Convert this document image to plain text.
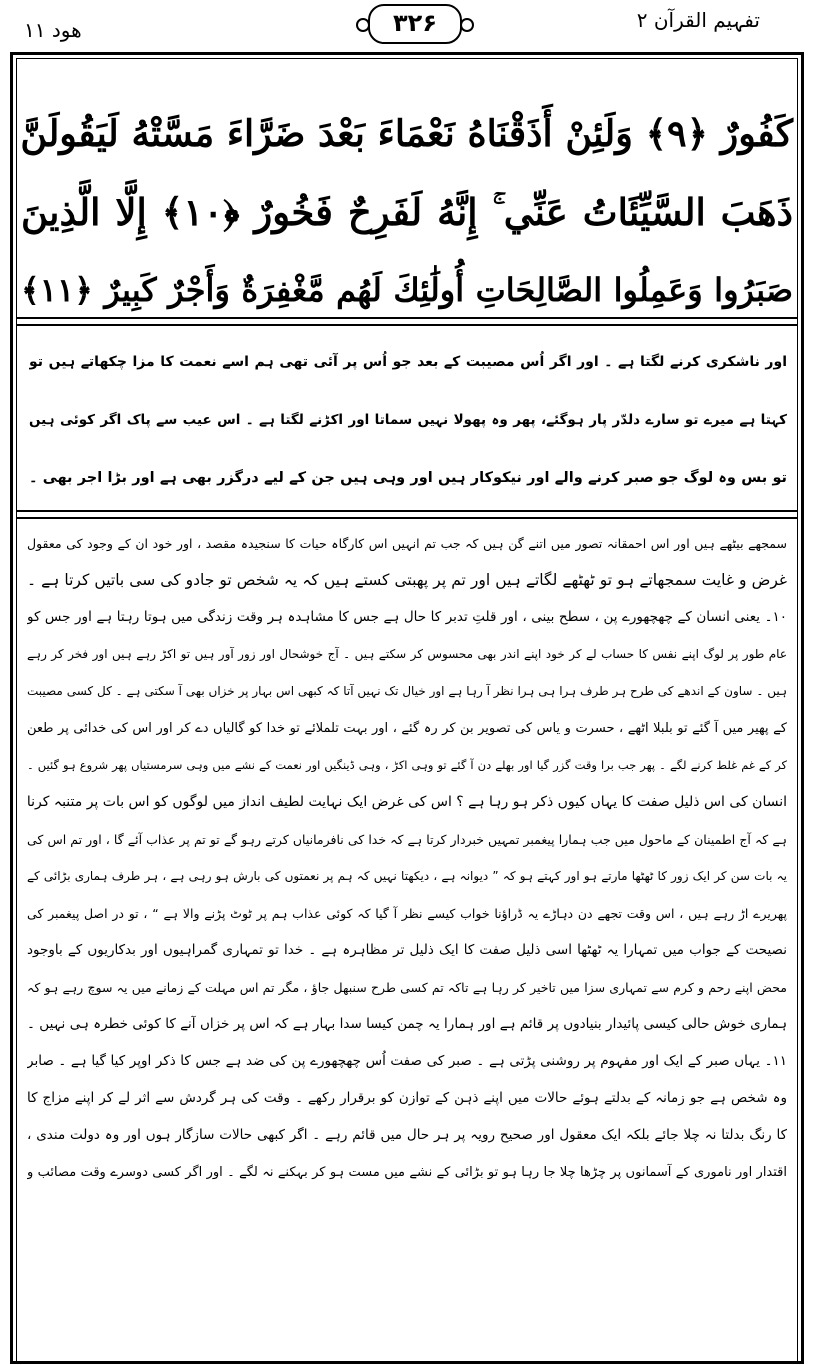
تفہیم القرآن ۲
۳۲۶
ھود ۱۱

كَفُورٌ ﴿٩﴾ وَلَئِنْ أَذَقْنَاهُ نَعْمَاءَ بَعْدَ ضَرَّاءَ مَسَّتْهُ لَيَقُولَنَّ

ذَهَبَ السَّيِّئَاتُ عَنِّي ۚ إِنَّهُ لَفَرِحٌ فَخُورٌ ﴿١٠﴾ إِلَّا الَّذِينَ

صَبَرُوا وَعَمِلُوا الصَّالِحَاتِ أُولَٰئِكَ لَهُم مَّغْفِرَةٌ وَأَجْرٌ كَبِيرٌ ﴿١١﴾

اور ناشکری کرنے لگتا ہے ۔ اور اگر اُس مصیبت کے بعد جو اُس پر آئی تھی ہم اسے نعمت کا مزا چکھاتے ہیں تو

کہتا ہے میرے تو سارے دلدّر پار ہوگئے، پھر وہ پھولا نہیں سماتا اور اکڑنے لگتا ہے ۔ اس عیب سے پاک اگر کوئی ہیں

تو بس وہ لوگ جو صبر کرنے والے اور نیکوکار ہیں اور وہی ہیں جن کے لیے درگزر بھی ہے اور بڑا اجر بھی ۔

سمجھے بیٹھے ہیں اور اس احمقانہ تصور میں اتنے گن ہیں کہ جب تم انہیں اس کارگاہ حیات کا سنجیدہ مقصد ، اور خود ان کے وجود کی معقول

غرض و غایت سمجھاتے ہو تو ٹھٹھے لگاتے ہیں اور تم پر پھبتی کستے ہیں کہ یہ شخص تو جادو کی سی باتیں کرتا ہے ۔

۱۰۔ یعنی انسان کے چھچھورے پن ، سطح بینی ، اور قلتِ تدبر کا حال ہے جس کا مشاہدہ ہر وقت زندگی میں ہوتا رہتا ہے اور جس کو

عام طور پر لوگ اپنے نفس کا حساب لے کر خود اپنے اندر بھی محسوس کر سکتے ہیں ۔ آج خوشحال اور زور آور ہیں تو اکڑ رہے ہیں اور فخر کر رہے

ہیں ۔ ساون کے اندھے کی طرح ہر طرف ہرا ہی ہرا نظر آ رہا ہے اور خیال تک نہیں آتا کہ کبھی اس بہار پر خزاں بھی آ سکتی ہے ۔ کل کسی مصیبت

کے پھیر میں آ گئے تو بلبلا اٹھے ، حسرت و یاس کی تصویر بن کر رہ گئے ، اور بہت تلملائے تو خدا کو گالیاں دے کر اور اس کی خدائی پر طعن

کر کے غم غلط کرنے لگے ۔ پھر جب برا وقت گزر گیا اور بھلے دن آ گئے تو وہی اکڑ ، وہی ڈینگیں اور نعمت کے نشے میں وہی سرمستیاں پھر شروع ہو گئیں ۔

انسان کی اس ذلیل صفت کا یہاں کیوں ذکر ہو رہا ہے ؟ اس کی غرض ایک نہایت لطیف انداز میں لوگوں کو اس بات پر متنبہ کرنا

ہے کہ آج اطمینان کے ماحول میں جب ہمارا پیغمبر تمہیں خبردار کرتا ہے کہ خدا کی نافرمانیاں کرتے رہو گے تو تم پر عذاب آئے گا ، اور تم اس کی

یہ بات سن کر ایک زور کا ٹھٹھا مارتے ہو اور کہتے ہو کہ ” دیوانہ ہے ، دیکھتا نہیں کہ ہم پر نعمتوں کی بارش ہو رہی ہے ، ہر طرف ہماری بڑائی کے

پھریرے اڑ رہے ہیں ، اس وقت تجھے دن دہاڑے یہ ڈراؤنا خواب کیسے نظر آ گیا کہ کوئی عذاب ہم پر ٹوٹ پڑنے والا ہے “ ، تو در اصل پیغمبر کی

نصیحت کے جواب میں تمہارا یہ ٹھٹھا اسی ذلیل صفت کا ایک ذلیل تر مظاہرہ ہے ۔ خدا تو تمہاری گمراہیوں اور بدکاریوں کے باوجود

محض اپنے رحم و کرم سے تمہاری سزا میں تاخیر کر رہا ہے تاکہ تم کسی طرح سنبھل جاؤ ، مگر تم اس مہلت کے زمانے میں یہ سوچ رہے ہو کہ

ہماری خوش حالی کیسی پائیدار بنیادوں پر قائم ہے اور ہمارا یہ چمن کیسا سدا بہار ہے کہ اس پر خزاں آنے کا کوئی خطرہ ہی نہیں ۔

۱۱۔ یہاں صبر کے ایک اور مفہوم پر روشنی پڑتی ہے ۔ صبر کی صفت اُس چھچھورے پن کی ضد ہے جس کا ذکر اوپر کیا گیا ہے ۔ صابر

وہ شخص ہے جو زمانہ کے بدلتے ہوئے حالات میں اپنے ذہن کے توازن کو برقرار رکھے ۔ وقت کی ہر گردش سے اثر لے کر اپنے مزاج کا

کا رنگ بدلتا نہ چلا جائے بلکہ ایک معقول اور صحیح رویہ پر ہر حال میں قائم رہے ۔ اگر کبھی حالات سازگار ہوں اور وہ دولت مندی ،

اقتدار اور ناموری کے آسمانوں پر چڑھا چلا جا رہا ہو تو بڑائی کے نشے میں مست ہو کر بہکنے نہ لگے ۔ اور اگر کسی دوسرے وقت مصائب و
